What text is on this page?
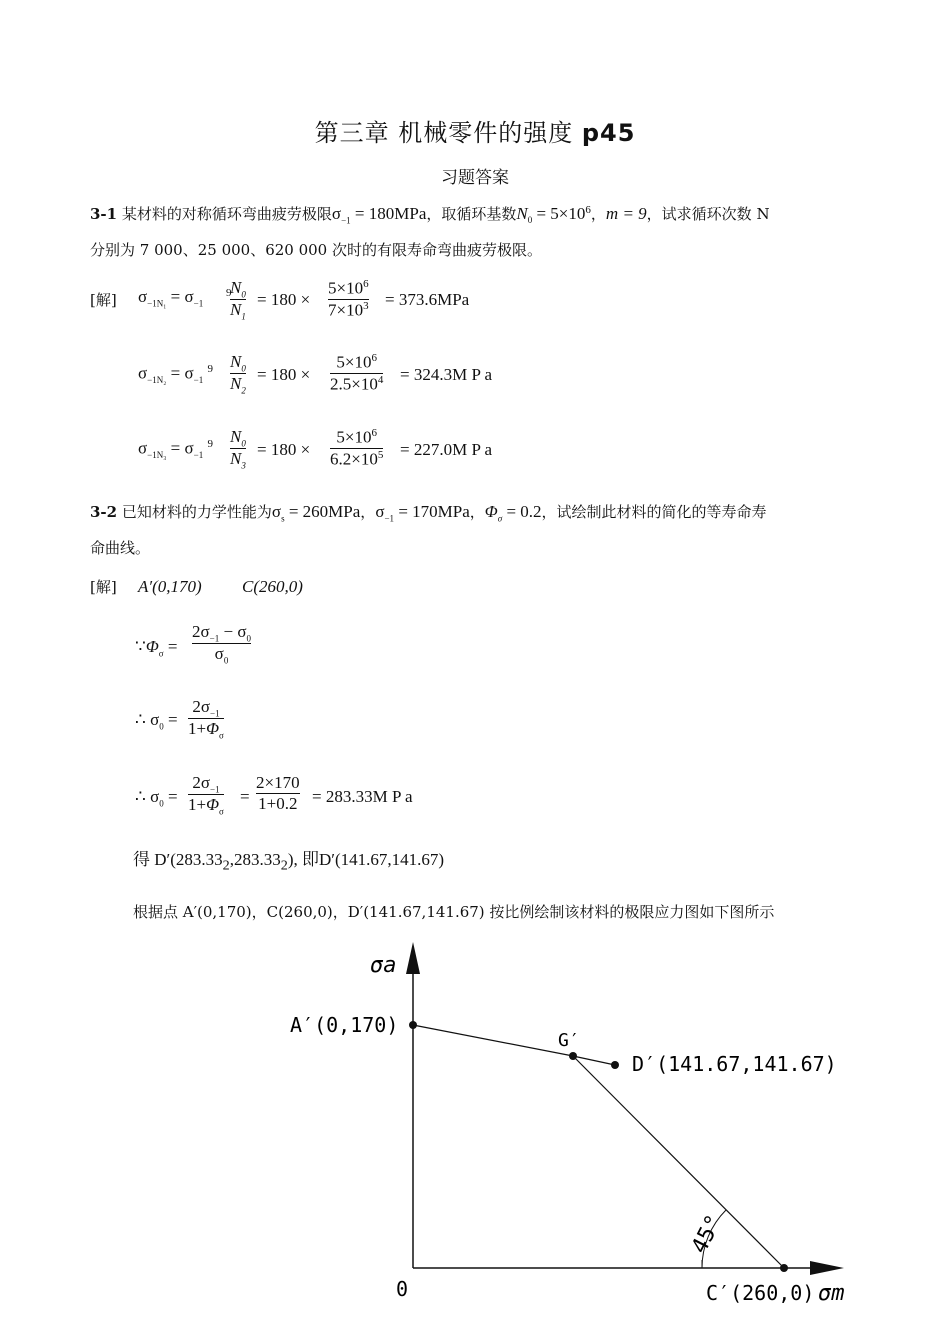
第三章 机械零件的强度 p45
习题答案
3-1 某材料的对称循环弯曲疲劳极限$\sigma_{-1} = 180MPa$，取循环基数$N_0 = 5\times 10^6$，m = 9，试求循环次数 N
分别为 7 000、25 000、620 000 次时的有限寿命弯曲疲劳极限。
[解] $\sigma_{-1N_1} = \sigma_{-1}$
$^9$
$N_0$
$N_1$
= 180 ×
$5\times 10^6$
$7\times 10^3 = 373.6MPa$
$\sigma_{-1N_2} = \sigma_{-1}$ $^9$ $N_0$
$N_2$
= 180 ×
$5\times 10^6$
$2.5\times 10^4 = 324.3M$ P a
$\sigma_{-1N_3} = \sigma_{-1}$ $^9$ $N_0$
$N_3$
= 180 ×
$5\times 10^6$
$6.2\times 10^5 = 227.0M$ P a
3-2 已知材料的力学性能为$\sigma_s = 260MPa$，$\sigma_{-1} = 170MPa$，$\Phi_\sigma = 0.2$，试绘制此材料的简化的等寿命寿
命曲线。
[解] A′(0,170) C(260,0)
$\because\Phi_\sigma$ =
$2\sigma_{-1} - \sigma_0$
$\sigma_0$
∴ $\sigma_0$ =
$2\sigma_{-1}$
$1+\Phi_\sigma$
∴ $\sigma_0$ =
$2\sigma_{-1}$
$1+\Phi_\sigma$
=
2×170
1+0.2 = 283.33M P a
得 $D'(283.33_2,283.33_2)$, 即D′(141.67,141.67)
根据点 A′(0,170)，C(260,0)，D′(141.67,141.67) 按比例绘制该材料的极限应力图如下图所示
σa
A′(0,170)
G′
D′(141.67,141.67)
0	C′(260,0) σm
45°
